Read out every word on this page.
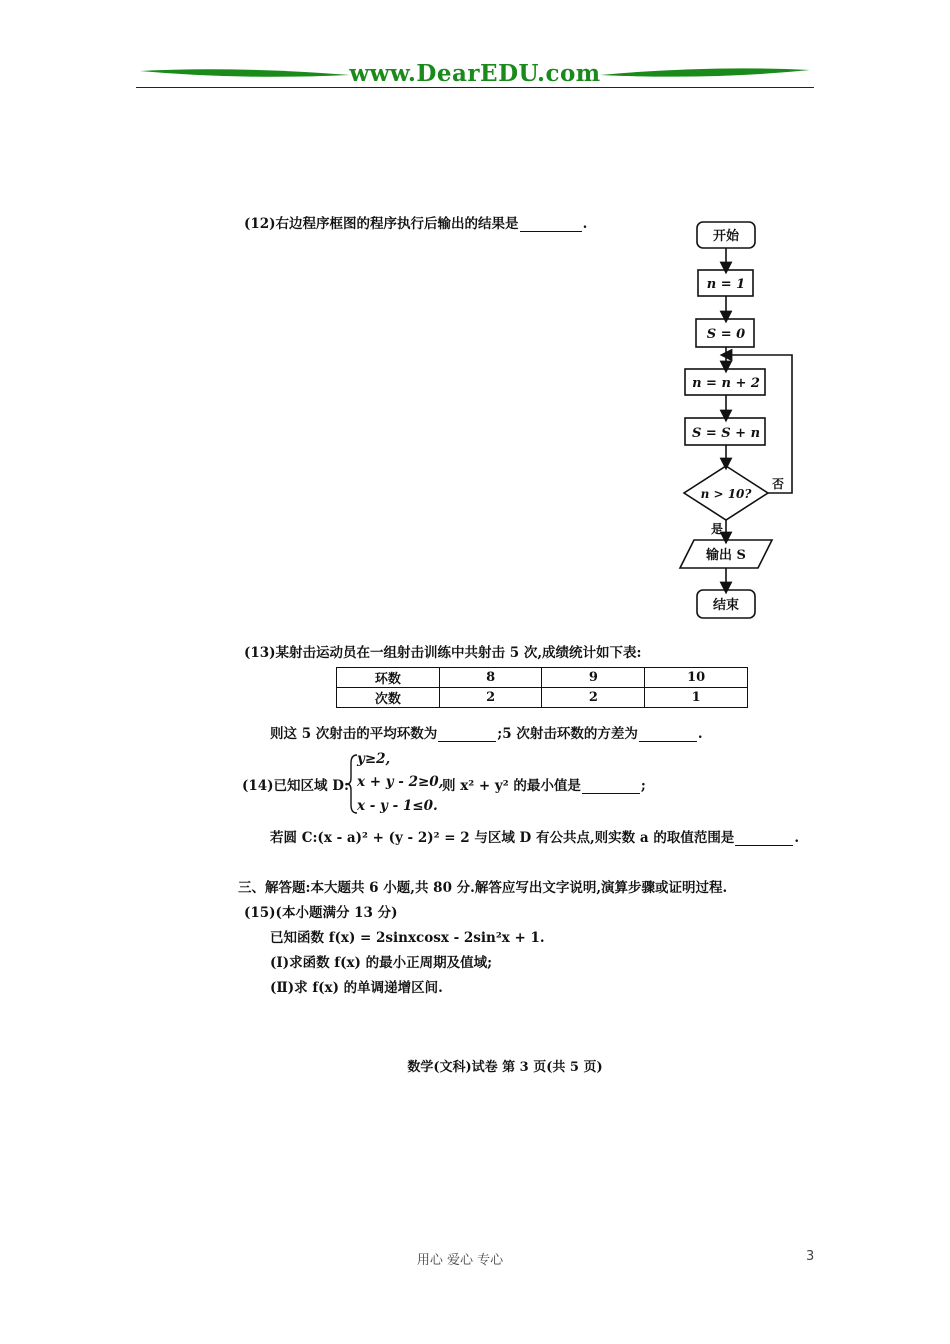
www.DearEDU.com
(12)右边程序框图的程序执行后输出的结果是	.
开始
n = 1
S = 0
n = n + 2
S = S + n
n > 10?
否
是
输出 S
结束
(13)某射击运动员在一组射击训练中共射击 5 次,成绩统计如下表:
环数	8	9	10
次数	2	2	1
则这 5 次射击的平均环数为	;5 次射击环数的方差为	.
(14)已知区域 D:
y≥2,
x + y - 2≥0,
x - y - 1≤0.
则 x² + y² 的最小值是	;
若圆 C:(x - a)² + (y - 2)² = 2 与区域 D 有公共点,则实数 a 的取值范围是	.
三、解答题:本大题共 6 小题,共 80 分.解答应写出文字说明,演算步骤或证明过程.
(15)(本小题满分 13 分)
已知函数 f(x) = 2sinxcosx - 2sin²x + 1.
(Ⅰ)求函数 f(x) 的最小正周期及值域;
(Ⅱ)求 f(x) 的单调递增区间.
数学(文科)试卷 第 3 页(共 5 页)
用心 爱心 专心	3
